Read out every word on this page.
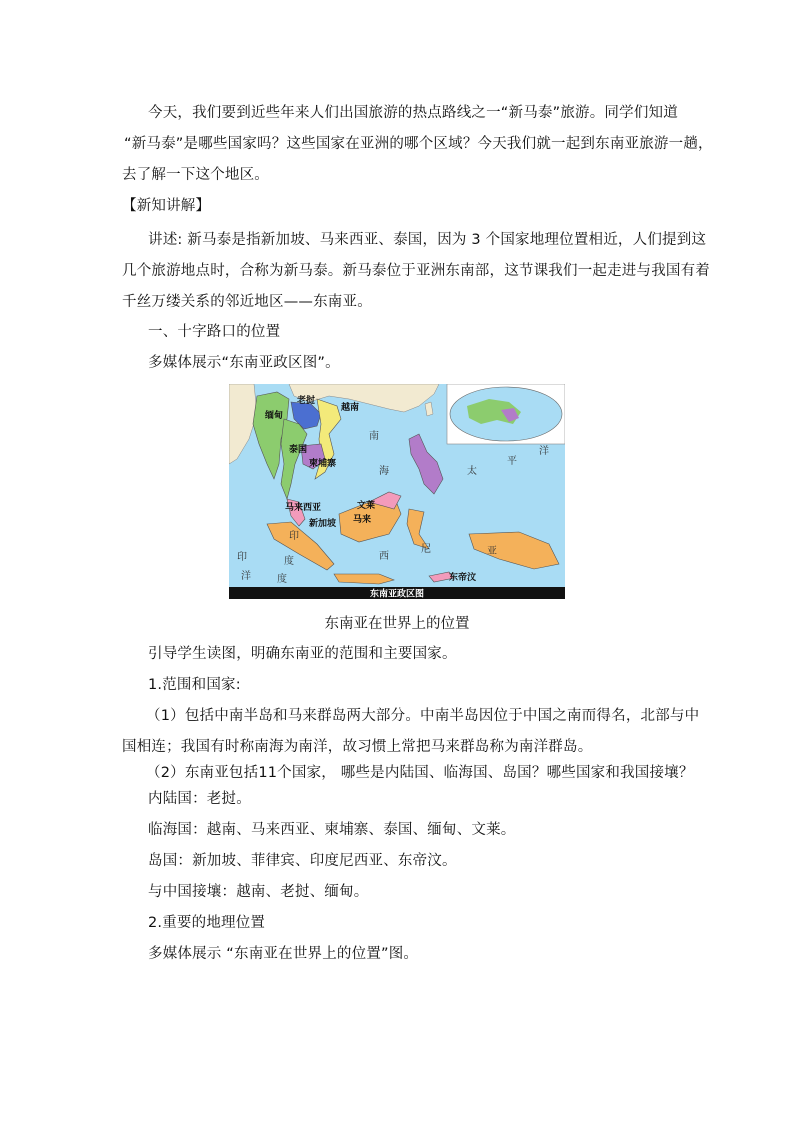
今天，我们要到近些年来人们出国旅游的热点路线之一“新马泰”旅游。同学们知道
“新马泰”是哪些国家吗？这些国家在亚洲的哪个区域？今天我们就一起到东南亚旅游一趟，
去了解一下这个地区。
【新知讲解】
讲述: 新马泰是指新加坡、马来西亚、泰国，因为 3 个国家地理位置相近，人们提到这
几个旅游地点时，合称为新马泰。新马泰位于亚洲东南部，这节课我们一起走进与我国有着
千丝万缕关系的邻近地区——东南亚。
一、十字路口的位置
多媒体展示“东南亚政区图”。
缅甸
老挝
越南
泰国
柬埔寨
马来西亚
新加坡
文莱
马来
东帝汶
南
海	太
平
洋
印
度
洋
尼	亚
印
度
西
东南亚政区图
东南亚在世界上的位置
引导学生读图，明确东南亚的范围和主要国家。
1.范围和国家:
（1）包括中南半岛和马来群岛两大部分。中南半岛因位于中国之南而得名，北部与中
国相连；我国有时称南海为南洋，故习惯上常把马来群岛称为南洋群岛。
（2）东南亚包括11个国家， 哪些是内陆国、临海国、岛国？哪些国家和我国接壤？
内陆国：老挝。
临海国：越南、马来西亚、柬埔寨、泰国、缅甸、文莱。
岛国：新加坡、菲律宾、印度尼西亚、东帝汶。
与中国接壤：越南、老挝、缅甸。
2.重要的地理位置
多媒体展示 “东南亚在世界上的位置”图。
